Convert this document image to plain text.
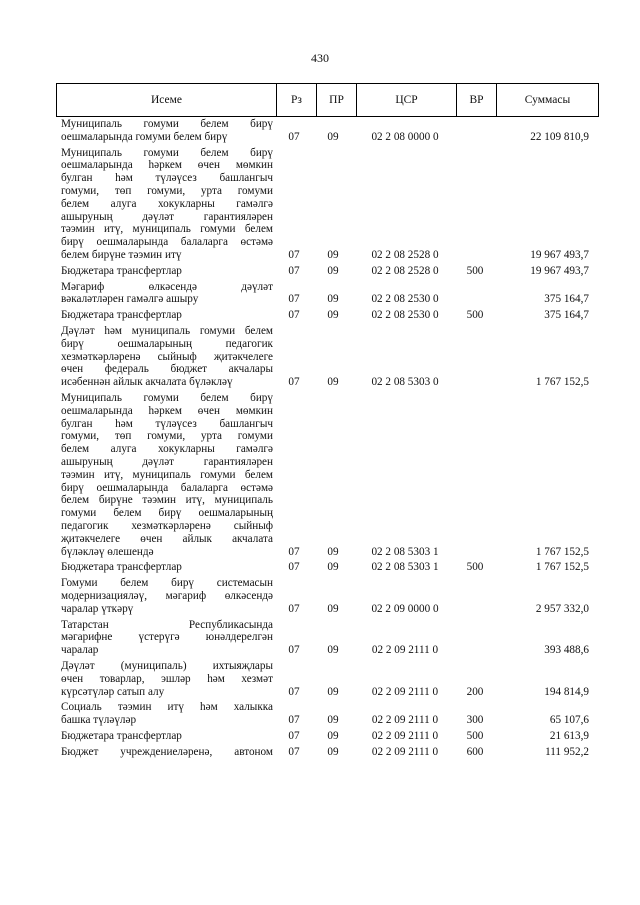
430
Исеме	Рз	ПР	ЦСР	ВР	Суммасы
Муниципаль гомуми белем бирү
оешмаларында гомуми белем бирү	07	09	02 2 08 0000 0	22 109 810,9
Муниципаль гомуми белем бирү
оешмаларында һәркем өчен мөмкин
булган һәм түләүсез башлангыч
гомуми, төп гомуми, урта гомуми
белем алуга хокукларны гамәлгә
ашыруның дәүләт гарантияләрен
тәэмин итү, муниципаль гомуми белем
бирү оешмаларында балаларга өстәмә
белем бирүне тәэмин итү	07	09	02 2 08 2528 0	19 967 493,7
Бюджетара трансфертлар	07	09	02 2 08 2528 0	500	19 967 493,7
Мәгариф өлкәсендә дәүләт
вәкаләтләрен гамәлгә ашыру	07	09	02 2 08 2530 0	375 164,7
Бюджетара трансфертлар	07	09	02 2 08 2530 0	500	375 164,7
Дәүләт һәм муниципаль гомуми белем
бирү оешмаларының педагогик
хезмәткәрләренә сыйныф җитәкчелеге
өчен федераль бюджет акчалары
исәбеннән айлык акчалата бүләкләү	07	09	02 2 08 5303 0	1 767 152,5
Муниципаль гомуми белем бирү
оешмаларында һәркем өчен мөмкин
булган һәм түләүсез башлангыч
гомуми, төп гомуми, урта гомуми
белем алуга хокукларны гамәлгә
ашыруның дәүләт гарантияләрен
тәэмин итү, муниципаль гомуми белем
бирү оешмаларында балаларга өстәмә
белем бирүне тәэмин итү, муниципаль
гомуми белем бирү оешмаларының
педагогик хезмәткәрләренә сыйныф
җитәкчелеге өчен айлык акчалата
бүләкләү өлешендә	07	09	02 2 08 5303 1	1 767 152,5
Бюджетара трансфертлар	07	09	02 2 08 5303 1	500	1 767 152,5
Гомуми белем бирү системасын
модернизацияләү, мәгариф өлкәсендә
чаралар үткәрү	07	09	02 2 09 0000 0	2 957 332,0
Татарстан Республикасында
мәгарифне үстерүгә юнәлдерелгән
чаралар	07	09	02 2 09 2111 0	393 488,6
Дәүләт (муниципаль) ихтыяҗлары
өчен товарлар, эшләр һәм хезмәт
күрсәтүләр сатып алу	07	09	02 2 09 2111 0	200	194 814,9
Социаль тәэмин итү һәм халыкка
башка түләүләр	07	09	02 2 09 2111 0	300	65 107,6
Бюджетара трансфертлар	07	09	02 2 09 2111 0	500	21 613,9
Бюджет учреждениеләренә, автоном	07	09	02 2 09 2111 0	600	111 952,2
